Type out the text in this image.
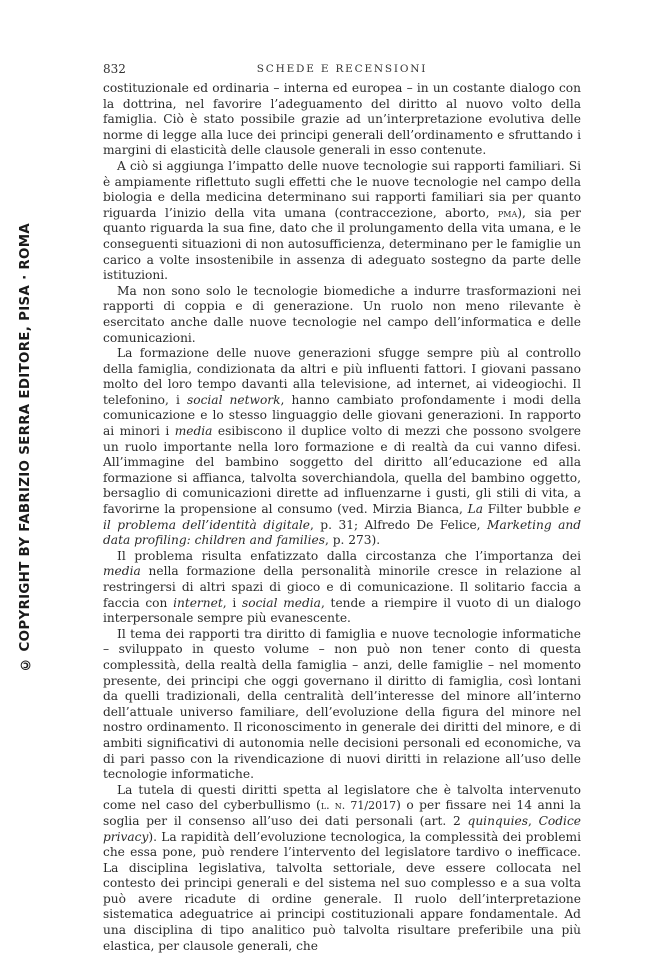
© COPYRIGHT BY FABRIZIO SERRA EDITORE, PISA · ROMA
832	SCHEDE E RECENSIONI

costituzionale ed ordinaria – interna ed europea – in un costante dialogo con la dottrina, nel favorire l’adeguamento del diritto al nuovo volto della famiglia. Ciò è stato possibile grazie ad un’interpretazione evolutiva delle norme di legge alla luce dei principi generali dell’ordinamento e sfruttando i margini di elasticità delle clausole generali in esso contenute.

A ciò si aggiunga l’impatto delle nuove tecnologie sui rapporti familiari. Si è ampiamente riflettuto sugli effetti che le nuove tecnologie nel campo della biologia e della medicina determinano sui rapporti familiari sia per quanto riguarda l’inizio della vita umana (contraccezione, aborto, pma), sia per quanto riguarda la sua fine, dato che il prolungamento della vita umana, e le conseguenti situazioni di non autosufficienza, determinano per le famiglie un carico a volte insostenibile in assenza di adeguato sostegno da parte delle istituzioni.

Ma non sono solo le tecnologie biomediche a indurre trasformazioni nei rapporti di coppia e di generazione. Un ruolo non meno rilevante è esercitato anche dalle nuove tecnologie nel campo dell’informatica e delle comunicazioni.

La formazione delle nuove generazioni sfugge sempre più al controllo della famiglia, condizionata da altri e più influenti fattori. I giovani passano molto del loro tempo davanti alla televisione, ad internet, ai videogiochi. Il telefonino, i social network, hanno cambiato profondamente i modi della comunicazione e lo stesso linguaggio delle giovani generazioni. In rapporto ai minori i media esibiscono il duplice volto di mezzi che possono svolgere un ruolo importante nella loro formazione e di realtà da cui vanno difesi. All’immagine del bambino soggetto del diritto all’educazione ed alla formazione si affianca, talvolta soverchiandola, quella del bambino oggetto, bersaglio di comunicazioni dirette ad influenzarne i gusti, gli stili di vita, a favorirne la propensione al consumo (ved. Mirzia Bianca, La Filter bubble e il problema dell’identità digitale, p. 31; Alfredo De Felice, Marketing and data profiling: children and families, p. 273).

Il problema risulta enfatizzato dalla circostanza che l’importanza dei media nella formazione della personalità minorile cresce in relazione al restringersi di altri spazi di gioco e di comunicazione. Il solitario faccia a faccia con internet, i social media, tende a riempire il vuoto di un dialogo interpersonale sempre più evanescente.

Il tema dei rapporti tra diritto di famiglia e nuove tecnologie informatiche – sviluppato in questo volume – non può non tener conto di questa complessità, della realtà della famiglia – anzi, delle famiglie – nel momento presente, dei principi che oggi governano il diritto di famiglia, così lontani da quelli tradizionali, della centralità dell’interesse del minore all’interno dell’attuale universo familiare, dell’evoluzione della figura del minore nel nostro ordinamento. Il riconoscimento in generale dei diritti del minore, e di ambiti significativi di autonomia nelle decisioni personali ed economiche, va di pari passo con la rivendicazione di nuovi diritti in relazione all’uso delle tecnologie informatiche.

La tutela di questi diritti spetta al legislatore che è talvolta intervenuto come nel caso del cyberbullismo (l. n. 71/2017) o per fissare nei 14 anni la soglia per il consenso all’uso dei dati personali (art. 2 quinquies, Codice privacy). La rapidità dell’evoluzione tecnologica, la complessità dei problemi che essa pone, può rendere l’intervento del legislatore tardivo o inefficace. La disciplina legislativa, talvolta settoriale, deve essere collocata nel contesto dei principi generali e del sistema nel suo complesso e a sua volta può avere ricadute di ordine generale. Il ruolo dell’interpretazione sistematica adeguatrice ai principi costituzionali appare fondamentale. Ad una disciplina di tipo analitico può talvolta risultare preferibile una più elastica, per clausole generali, che
